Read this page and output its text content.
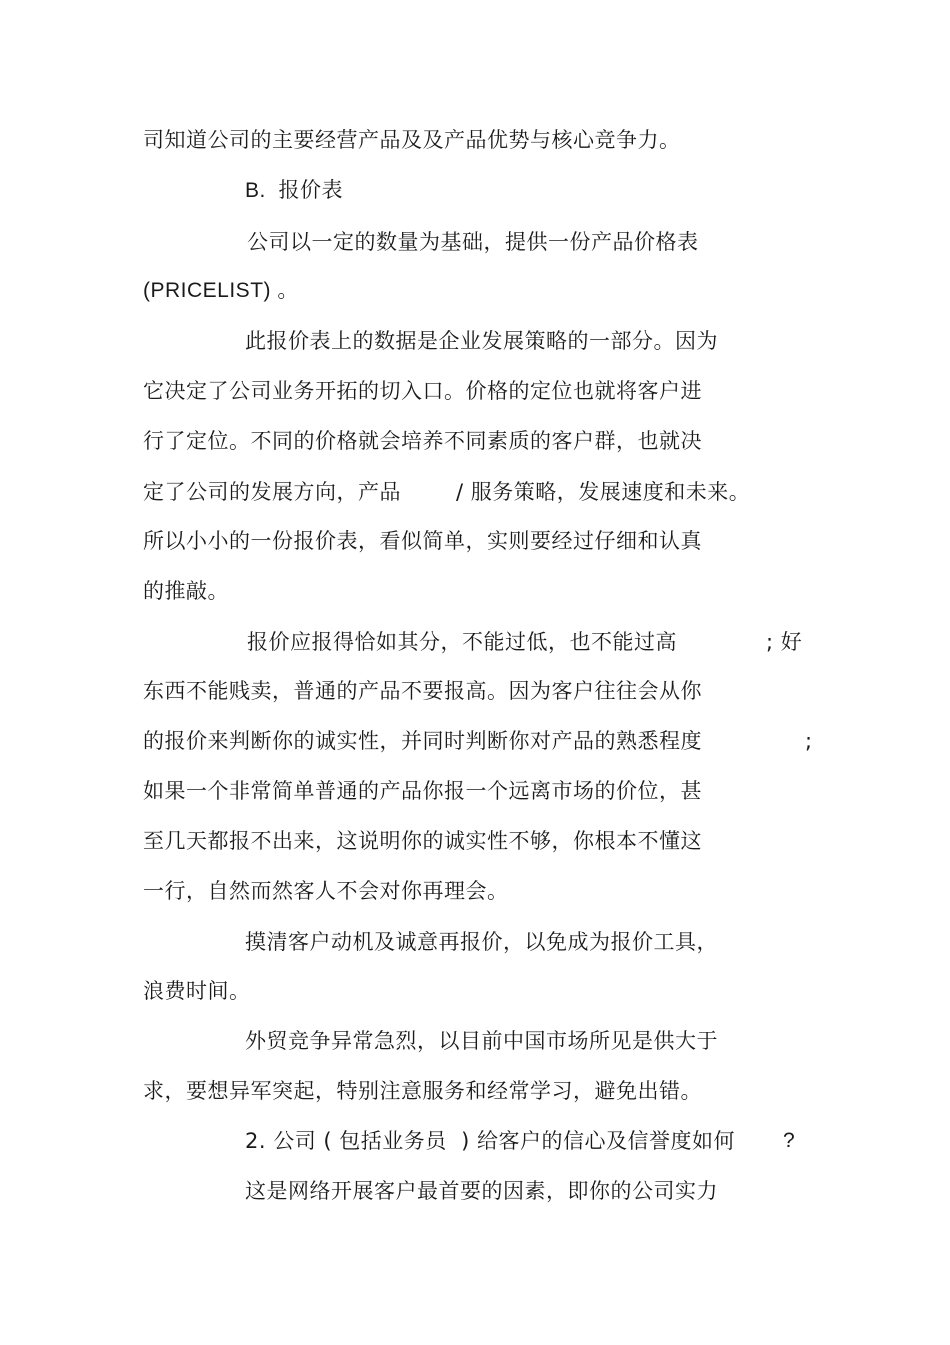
司知道公司的主要经营产品及及产品优势与核心竞争力。
B.  报价表
公司以一定的数量为基础，提供一份产品价格表
(PRICELIST) 。
此报价表上的数据是企业发展策略的一部分。因为
它决定了公司业务开拓的切入口。价格的定位也就将客户进
行了定位。不同的价格就会培养不同素质的客户群，也就决
定了公司的发展方向，产品	/ 服务策略，发展速度和未来。
所以小小的一份报价表，看似简单，实则要经过仔细和认真
的推敲。
报价应报得恰如其分，不能过低，也不能过高	; 好
东西不能贱卖，普通的产品不要报高。因为客户往往会从你
的报价来判断你的诚实性，并同时判断你对产品的熟悉程度	;
如果一个非常简单普通的产品你报一个远离市场的价位，甚
至几天都报不出来，这说明你的诚实性不够，你根本不懂这
一行，自然而然客人不会对你再理会。
摸清客户动机及诚意再报价，以免成为报价工具，
浪费时间。
外贸竞争异常急烈，以目前中国市场所见是供大于
求，要想异军突起，特别注意服务和经常学习，避免出错。
2. 公司 ( 包括业务员  ) 给客户的信心及信誉度如何 ?
这是网络开展客户最首要的因素，即你的公司实力
